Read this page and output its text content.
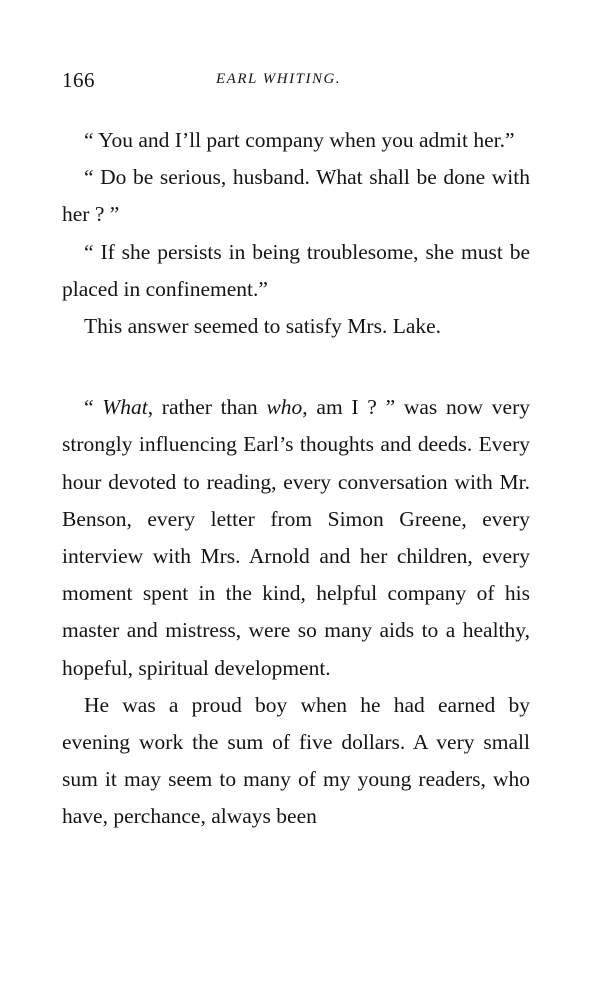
166	EARL WHITING.

“ You and I’ll part company when you admit her.”

“ Do be serious, husband. What shall be done with her ? ”

“ If she persists in being troublesome, she must be placed in confinement.”

This answer seemed to satisfy Mrs. Lake.

“ What, rather than who, am I ? ” was now very strongly influencing Earl’s thoughts and deeds. Every hour devoted to reading, every conversation with Mr. Benson, every letter from Simon Greene, every interview with Mrs. Arnold and her children, every moment spent in the kind, helpful company of his master and mistress, were so many aids to a healthy, hopeful, spiritual development.

He was a proud boy when he had earned by evening work the sum of five dollars. A very small sum it may seem to many of my young readers, who have, perchance, always been
